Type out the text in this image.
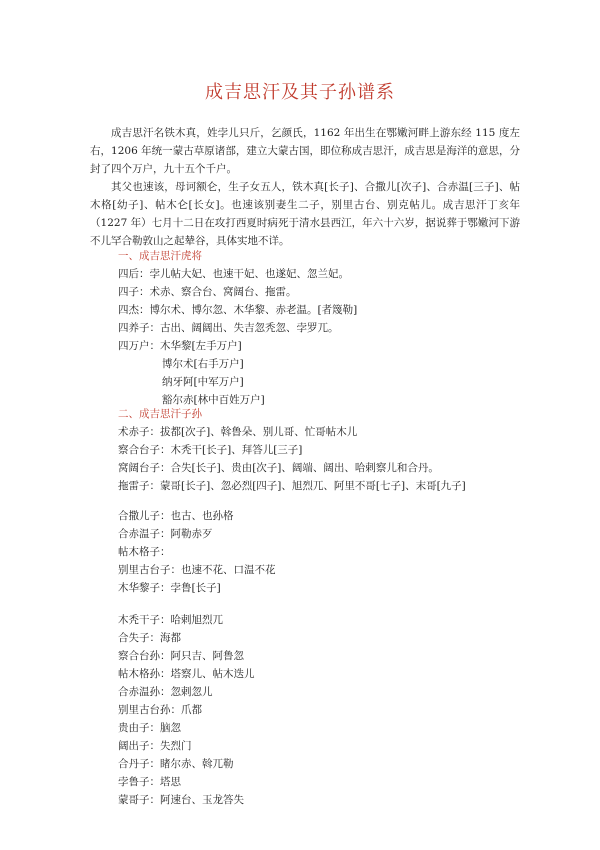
成吉思汗及其子孙谱系

成吉思汗名铁木真，姓孛儿只斤，乞颜氏，1162 年出生在鄂嫩河畔上游东经 115 度左右，1206 年统一蒙古草原诸部，建立大蒙古国，即位称成吉思汗，成吉思是海洋的意思，分封了四个万户，九十五个千户。

其父也速该，母诃额仑，生子女五人，铁木真[长子]、合撒儿[次子]、合赤温[三子]、帖木格[幼子]、帖木仑[长女]。也速该别妻生二子，别里古台、别克帖儿。成吉思汗丁亥年（1227 年）七月十二日在攻打西夏时病死于清水县西江，年六十六岁，据说葬于鄂嫩河下游不儿罕合勒敦山之起辇谷，具体实地不详。

一、成吉思汗虎将
四后：孛儿帖大妃、也速干妃、也遂妃、忽兰妃。
四子：术赤、察合台、窝阔台、拖雷。
四杰：博尔术、博尔忽、木华黎、赤老温。[者篾勒]
四养子：古出、阔阔出、失吉忽秃忽、孛罗兀。
四万户：木华黎[左手万户]
博尔术[右手万户]
纳牙阿[中军万户]
豁尔赤[林中百姓万户]
二、成吉思汗子孙
术赤子：拔都[次子]、斡鲁朵、别儿哥、忙哥帖木儿
察合台子：木秃干[长子]、拜答儿[三子]
窝阔台子：合失[长子]、贵由[次子]、阔端、阔出、哈剌察儿和合丹。
拖雷子：蒙哥[长子]、忽必烈[四子]、旭烈兀、阿里不哥[七子]、末哥[九子]
合撒儿子：也古、也孙格
合赤温子：阿勒赤歹
帖木格子：
别里古台子：也速不花、口温不花
木华黎子：孛鲁[长子]
木秃干子：哈剌旭烈兀
合失子：海都
察合台孙：阿只吉、阿鲁忽
帖木格孙：塔察儿、帖木迭儿
合赤温孙：忽剌忽儿
别里古台孙：爪都
贵由子：脑忽
阔出子：失烈门
合丹子：睹尔赤、斡兀勒
孛鲁子：塔思
蒙哥子：阿速台、玉龙答失
